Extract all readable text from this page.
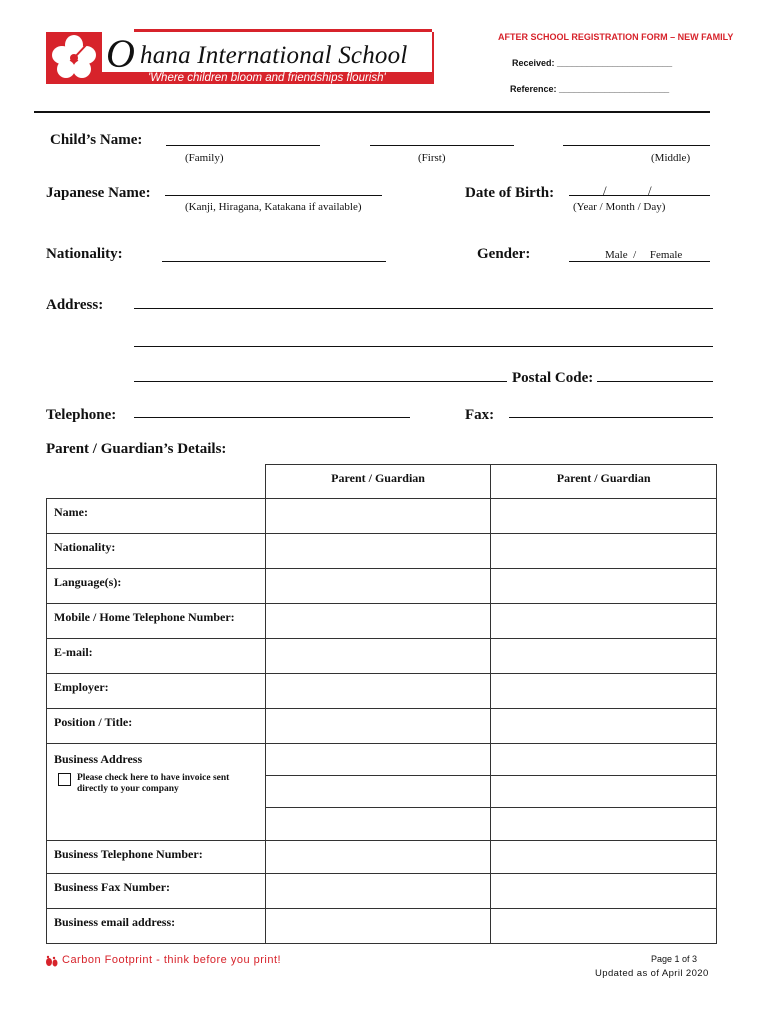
O hana International School
'Where children bloom and friendships flourish'
AFTER SCHOOL REGISTRATION FORM – NEW FAMILY
Received: _______________________
Reference: ______________________
Child’s Name:
(Family)	(First)	(Middle)
Japanese Name:
(Kanji, Hiragana, Katakana if available)
Date of Birth:	/	/
(Year / Month / Day)
Nationality:	Gender:	Male  /     Female
Address:
Postal Code:
Telephone:	Fax:
Parent / Guardian’s Details:
	Parent / Guardian	Parent / Guardian
Name:		
Nationality:		
Language(s):		
Mobile / Home Telephone Number:		
E-mail:		
Employer:		
Position / Title:		

Business Address
Please check here to have invoice sent directly to your company		

Business Telephone Number:		
Business Fax Number:		
Business email address:		
Carbon Footprint - think before you print!	Page 1 of 3
Updated as of April 2020
